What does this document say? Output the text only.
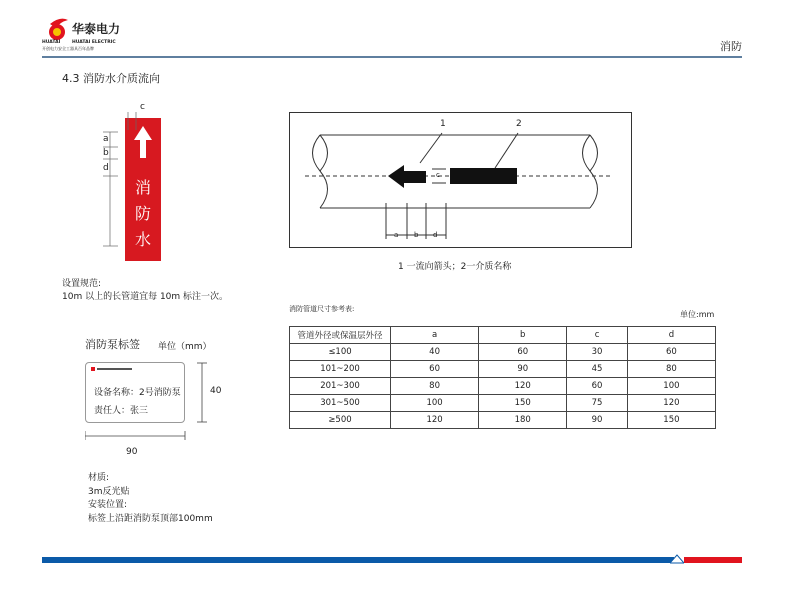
华泰电力
HUATAI	HUATAI ELECTRIC
开创电力安全工器具百年品牌	消防
4.3 消防水介质流向
消
防
水
c
a
b
d
1	2
c
a b d
1 一流向箭头；2一介质名称
设置规范:
10m 以上的长管道宜每 10m 标注一次。
消防泵标签 单位（mm）
设备名称：2号消防泵
责任人：张三
40
90
材质:
3m反光贴
安装位置:
标签上沿距消防泵顶部100mm
消防管道尺寸参考表:
单位:mm
管道外径或保温层外径	a	b	c	d
≤100	40	60	30	60
101~200	60	90	45	80
201~300	80	120	60	100
301~500	100	150	75	120
≥500	120	180	90	150
